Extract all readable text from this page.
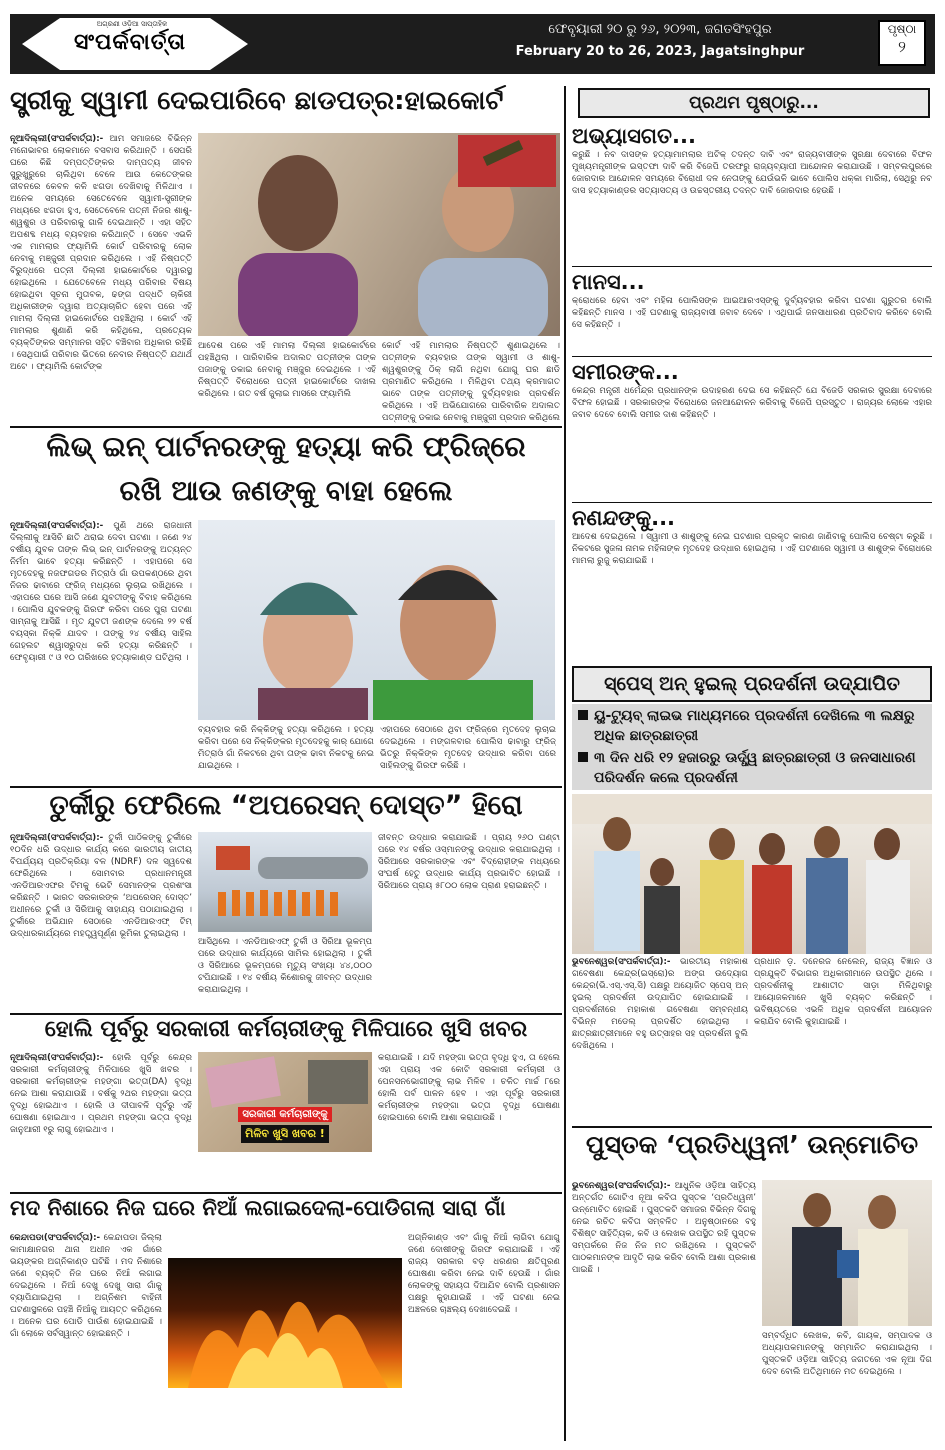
ଅଗ୍ରଣୀ ଓଡ଼ିଆ ସାପ୍ତାହିକ
ସଂପର୍କବାର୍ତ୍ତା
ଫେବୃୟାରୀ ୨୦ ରୁ ୨୬, ୨୦୨୩, ଜଗତସିଂହପୁର
February 20 to 26, 2023, Jagatsinghpur
ପୃଷ୍ଠା
୨
ସ୍ତ୍ରୀକୁ ସ୍ୱାମୀ ଦେଇପାରିବେ ଛାଡପତ୍ର:ହାଇକୋର୍ଟ
ନୂଆଦିଲ୍ଲୀ(ସଂପର୍କବାର୍ତ୍ତା):- ଆମ ସମାଜରେ ବିଭିନ୍ନ ମନୋଭାବର ଲୋକମାନେ ବସବାସ କରିଥାନ୍ତି । ସେପରି ଘରେ କିଛି ଦମ୍ପତ୍ତିଙ୍କର ଦାମ୍ପତ୍ୟ ଜୀବନ ସୁରୁଖୁରୁରେ ଚାଲିଥିବା ବେଳେ ଆଉ କେତେଙ୍କର ଜୀବନରେ କେବଳ କଳି ଝଗଡା ଦେଖିବାକୁ ମିଳିଥାଏ । ଅନେକ ସମୟରେ ସେତେବେଳେ ସ୍ୱାମୀ-ସ୍ତ୍ରୀଙ୍କ ମଧ୍ୟରେ ଝଗଡା ହୁଏ, ସେତେବେଳେ ପତ୍ନୀ ନିଜର ଶାଶୁ-ଶ୍ୱଶୁର ଓ ପରିବାରକୁ ଗାଳି ଦେଇଥାନ୍ତି । ଏହା ସହିତ ଅପଶବ୍ଦ ମଧ୍ୟ ବ୍ୟବହାର କରିଥାନ୍ତି । ସେବେ ଏଭଳି ଏକ ମାମଲାର ଫ୍ୟାମିଲି କୋର୍ଟ ପରିବାରକୁ ଲୋକ ନେବାକୁ ମଞ୍ଜୁରୀ ପ୍ରଦାନ କରିଥିଲେ । ଏହି ନିଷ୍ପତ୍ତି ବିରୁଦ୍ଧରେ ପତ୍ନୀ ଦିଲ୍ଲୀ ହାଇକୋର୍ଟରେ ଦ୍ୱାରସ୍ଥ ହୋଇଥିଲେ । ଯେତେବେଳେ ମଧ୍ୟ ପରିବାର ବିଷୟ ହୋଇଥିବା ସୂଚନା ମୁତାବକ, ଢଙ୍ଗ ପଦ୍ଧତି ଚାକିରୀ ଅଧିକାରୀଙ୍କ ଦ୍ୱାରା ଅତ୍ୟାଚାରିତ ହେବା ପରେ ଏହି ମାମଲା ଦିଲ୍ଲୀ ହାଇକୋର୍ଟରେ ପହଞ୍ଚିଥିଲା । କୋର୍ଟ ଏହି ମାମଲାର ଶୁଣାଣି କରି କହିଥିଲେ, ପ୍ରତ୍ୟେକ ବ୍ୟକ୍ତିଙ୍କର ସମ୍ମାନର ସହିତ ବଞ୍ଚିବାର ଅଧିକାର ରହିଛି । ସେଥିପାଇଁ ପରିବାର ଭିତରେ ନେବାର ନିଷ୍ପତ୍ତି ଯଥାର୍ଥ ଅଟେ । ଫ୍ୟାମିଲି କୋର୍ଟଙ୍କ
ଆଦେଶ ପରେ ଏହି ମାମଲା ଦିଲ୍ଲୀ ହାଇକୋର୍ଟରେ ପହଞ୍ଚିଥିଲା । ପାରିବାରିକ ଅଦାଲତ ପତ୍ନୀଙ୍କ ତାଙ୍କ ପଜାଙ୍କୁ ଡକାଇ ନେବାକୁ ମଞ୍ଜୁର ଦେଇଥିଲେ । ଏହି ନିଷ୍ପତ୍ତି ବିରୋଧରେ ପତ୍ନୀ ହାଇକୋର୍ଟରେ ଦାଖଲ କରିଥିଲେ । ଗତ ବର୍ଷ ଜୁଲାଇ ମାସରେ ଫ୍ୟାମିଲି
କୋର୍ଟ ଏହି ମାମଲାର ନିଷ୍ପତ୍ତି ଶୁଣାଇଥିଲେ । ପତ୍ନୀଙ୍କ ବ୍ୟବହାର ତାଙ୍କ ସ୍ୱାମୀ ଓ ଶାଶୁ-ଶ୍ୱଶୁରଙ୍କୁ ଠିକ୍ ଲାଗି ନଥିବା ଯୋଗୁ ଘର ଛାଡି ପ୍ରମାଣିତ କରିଥିଲେ । ମିଳିଥିବା ତଥ୍ୟ କ୍ରମାଗତ ଭାବେ ତାଙ୍କ ପତ୍ନୀଙ୍କୁ ଦୁର୍ବ୍ୟବହାର ପ୍ରଦର୍ଶନ କରିଥିଲେ । ଏହି ଅଭିଯୋଗରେ ପାରିବାରିକ ଅଦାଲତ ପତ୍ନୀଙ୍କୁ ଡକାଇ ନେବାକୁ ମଞ୍ଜୁରୀ ପ୍ରଦାନ କରିଥିଲେ
ଲିଭ୍ ଇନ୍ ପାର୍ଟନରଙ୍କୁ ହତ୍ୟା କରି ଫ୍ରିଜ୍‌ରେ
ରଖି ଆଉ ଜଣଙ୍କୁ ବାହା ହେଲେ
ନୂଆଦିଲ୍ଲୀ(ସଂପର୍କବାର୍ତ୍ତା):- ପୁଣି ଥରେ ରାଜଧାନୀ ଦିଲ୍ଲୀକୁ ଆସିଚି ଛାତି ଥରାଇ ଦେବା ଘଟଣା । ଜଣେ ୨୪ ବର୍ଷୀୟ ଯୁବକ ତାଙ୍କ ଲିଭ୍ ଇନ୍ ପାର୍ଟନରଙ୍କୁ ଅତ୍ୟନ୍ତ ନିର୍ମମ ଭାବେ ହତ୍ୟା କରିଛନ୍ତି । ଏହାପରେ ସେ ମୃତଦେହକୁ ନଜଫଗଡର ମିତ୍ରାଓଁ ଗାଁ ଉପକଣ୍ଠରେ ଥିବା ନିଜର ଢାବାରେ ଫ୍ରିଜ୍ ମଧ୍ୟରେ ଲୁଚାଇ ରଖିଥିଲେ । ଏହାପରେ ଘରେ ଆସି ଜଣେ ଯୁବତୀଙ୍କୁ ବିବାହ କରିଥିଲେ । ପୋଲିସ ଯୁବକଙ୍କୁ ଗିରଫ କରିବା ପରେ ପୁରା ଘଟଣା ସାମ୍ନାକୁ ଆସିଛି । ମୃତ ଯୁବତୀ ଜଣଙ୍କ ଦେଲେ ୨୨ ବର୍ଷ ବୟସ୍କା ନିକ୍କି ଯାଦବ । ତାଙ୍କୁ ୨୪ ବର୍ଷୀୟ ସାହିଲ ଗେହଲଟ ଶ୍ୱାସରୁଦ୍ଧ କରି ହତ୍ୟା କରିଛନ୍ତି । ଫେବୃୟାରୀ ୯ ଓ ୧୦ ତାରିଖରେ ହତ୍ୟାକାଣ୍ଡ ଘଟିଥିଲା ।
ବ୍ୟବହାର କରି ନିକ୍କିଙ୍କୁ ହତ୍ୟା କରିଥିଲେ । ହତ୍ୟା କରିବା ପରେ ସେ ନିକ୍କିଙ୍କର ମୃତଦେହକୁ କାର୍ ଯୋଗେ ମିତ୍ରାଓଁ ଗାଁ ନିକଟରେ ଥିବା ତାଙ୍କ ଢାବା ନିକଟକୁ ନେଇ ଯାଇଥିଲେ ।
ଏହାପରେ ସେଠାରେ ଥିବା ଫ୍ରିଜ୍‌ରେ ମୃତଦେହ ଲୁଚାଇ ଦେଇଥିଲେ । ମଙ୍ଗଳବାର ପୋଲିସ ଢାବାରୁ ଫ୍ରିଜ୍ ଭିତରୁ ନିକ୍କିଙ୍କ ମୃତଦେହ ଉଦ୍ଧାର କରିବା ପରେ ସାହିଲଙ୍କୁ ଗିରଫ କରିଛି ।
ତୁର୍କୀରୁ ଫେରିଲେ “ଅପରେସନ୍ ଦୋସ୍ତ” ହିରୋ
ନୂଆଦିଲ୍ଲୀ(ସଂପର୍କବାର୍ତ୍ତା):- ତୁର୍କୀ ପାଠିକଙ୍କୁ ତୁର୍କୀରେ ୧୦ଦିନ ଧରି ଉଦ୍ଧାର କାର୍ଯ୍ୟ କରେ ଭାରତୀୟ ଜାତୀୟ ବିପର୍ଯ୍ୟୟ ପ୍ରତିକ୍ରିୟା ବଳ (NDRF) ଦଳ ସ୍ୱଦେଶ ଫେରିଥିଲେ । ସୋମବାର ପ୍ରଧାନମନ୍ତ୍ରୀ ଏନଡିଆରଏଫର ଟିମକୁ ଭେଟି ସେମାନଙ୍କ ପ୍ରଶଂସା କରିଛନ୍ତି । ଭାରତ ସରକାରଙ୍କ ‘ଅପରେସନ୍ ଦୋସ୍ତ’ ଅଧୀନରେ ତୁର୍କୀ ଓ ସିରିଆକୁ ସାହାଯ୍ୟ ପଠାଯାଇଥିଲା । ତୁର୍କୀରେ ଅଭିଯାନ ସେଠାରେ ଏନଡିଆରଏଫ୍ ଟିମ୍ ଉଦ୍ଧାରକାର୍ଯ୍ୟରେ ମହତ୍ତ୍ୱପୂର୍ଣ୍ଣ ଭୂମିକା ତୁଲାଇଥିଲା ।
ଆସିଥିଲେ । ଏନଡିଆରଏଫ୍ ତୁର୍କୀ ଓ ସିରିଆ ଭୂକମ୍ପ ପରେ ଉଦ୍ଧାର କାର୍ଯ୍ୟରେ ସାମିଲ ହୋଇଥିଲା । ତୁର୍କୀ ଓ ସିରିଆରେ ଭୂକମ୍ପରେ ମୃତ୍ୟୁ ସଂଖ୍ୟା ୪୪,୦୦୦ ଟପିଯାଇଛି । ୧୪ ବର୍ଷୀୟ କିଶୋରକୁ ଜୀବନ୍ତ ଉଦ୍ଧାର କରାଯାଇଥିଲା ।
ଜୀବନ୍ତ ଉଦ୍ଧାର କରାଯାଇଛି । ପ୍ରାୟ ୨୬୦ ଘଣ୍ଟା ପରେ ୧୪ ବର୍ଷର ଓସ୍ମାନଙ୍କୁ ଉଦ୍ଧାର କରାଯାଇଥିଲା । ସିରିଆରେ ସରକାରଙ୍କ ଏବଂ ବିଦ୍ରୋହୀଙ୍କ ମଧ୍ୟରେ ସଂଘର୍ଷ ହେତୁ ଉଦ୍ଧାର କାର୍ଯ୍ୟ ପ୍ରଭାବିତ ହୋଇଛି । ସିରିଆରେ ପ୍ରାୟ ୫୮୦୦ ଲୋକ ପ୍ରାଣ ହରାଇଛନ୍ତି ।
ହୋଲି ପୂର୍ବରୁ ସରକାରୀ କର୍ମଚାରୀଙ୍କୁ ମିଳିପାରେ ଖୁସି ଖବର
ସରକାରୀ କର୍ମଚାରୀଙ୍କୁ
ମିଳିବ ଖୁସି ଖବର !
ନୂଆଦିଲ୍ଲୀ(ସଂପର୍କବାର୍ତ୍ତା):- ହୋଲି ପୂର୍ବରୁ କେନ୍ଦ୍ର ସରକାରୀ କର୍ମଚାରୀଙ୍କୁ ମିଳିପାରେ ଖୁସି ଖବର । ସରକାରୀ କର୍ମଚାରୀଙ୍କ ମହଙ୍ଗା ଭତ୍ତା(DA) ବୃଦ୍ଧି ନେଇ ଆଶା କରାଯାଉଛି । ବର୍ଷକୁ ୨ଥର ମହଙ୍ଗା ଭତ୍ତା ବୃଦ୍ଧି ହୋଇଥାଏ । ହୋଲି ଓ ଦୀପାବଳି ପୂର୍ବରୁ ଏହି ଘୋଷଣା ହୋଇଥାଏ । ପ୍ରଥମ ମହଙ୍ଗା ଭତ୍ତା ବୃଦ୍ଧି ଜାନୁଆରୀ ୧ରୁ ଲାଗୁ ହୋଇଥାଏ ।
କରାଯାଇଛି । ଯଦି ମହଙ୍ଗା ଭତ୍ତା ବୃଦ୍ଧି ହୁଏ, ତା ହେଲେ ଏହା ପ୍ରାୟ ଏକ କୋଟି ସରକାରୀ କର୍ମଚାରୀ ଓ ପେନସନଭୋଗୀଙ୍କୁ ଲାଭ ମିଳିବ । ଚଳିତ ମାର୍ଚ୍ଚ ୮ରେ ହୋଲି ପର୍ବ ପାଳନ ହେବ । ଏହା ପୂର୍ବରୁ ସରକାରୀ କର୍ମଚାରୀଙ୍କ ମହଙ୍ଗା ଭତ୍ତା ବୃଦ୍ଧି ଘୋଷଣା ହୋଇପାରେ ବୋଲି ଆଶା କରାଯାଉଛି ।
ମଦ ନିଶାରେ ନିଜ ଘରେ ନିଆଁ ଲଗାଇଦେଲା-ପୋଡିଗଲା ସାରା ଗାଁ
କେନ୍ଦାପଡା(ସଂପର୍କବାର୍ତ୍ତା):- କେନ୍ଦାପଡା ଜିଲ୍ଲା କାମାକ୍ଷାନଗର ଥାନା ଅଧୀନ ଏକ ଗାଁରେ ଭୟଙ୍କର ଅଗ୍ନିକାଣ୍ଡ ଘଟିଛି । ମଦ ନିଶାରେ ଜଣେ ବ୍ୟକ୍ତି ନିଜ ଘରେ ନିଆଁ ଲଗାଇ ଦେଇଥିଲେ । ନିଆଁ ଦେଖୁ ଦେଖୁ ସାରା ଗାଁକୁ ବ୍ୟାପିଯାଇଥିଲା । ଅଗ୍ନିଶମ ବାହିନୀ ଘଟଣାସ୍ଥଳରେ ପହଞ୍ଚି ନିଆଁକୁ ଆୟତ୍ତ କରିଥିଲେ । ଅନେକ ଘର ପୋଡି ପାଉଁଶ ହୋଇଯାଇଛି । ଗାଁ ଲୋକେ ସର୍ବସ୍ୱାନ୍ତ ହୋଇଛନ୍ତି ।
ଅଗ୍ନିକାଣ୍ଡ ଏବଂ ଗାଁକୁ ନିଆଁ ଲାଗିବା ଯୋଗୁ ଜଣେ ଦୋଷୀଙ୍କୁ ଗିରଫ କରାଯାଇଛି । ଏହି ରାଜ୍ୟ ସରକାର ବଡ଼ ଧରଣର କ୍ଷତିପୂରଣ ଘୋଷଣା କରିବା ନେଇ ଦାବି ହେଉଛି । ଗାଁର ଲୋକଙ୍କୁ ସହାୟତା ଦିଆଯିବ ବୋଲି ପ୍ରଶାସନ ପକ୍ଷରୁ କୁହାଯାଇଛି । ଏହି ଘଟଣା ନେଇ ଅଞ୍ଚଳରେ ଚାଞ୍ଚଲ୍ୟ ଦେଖାଦେଇଛି ।
ପ୍ରଥମ ପୃଷ୍ଠାରୁ...
ଅଭ୍ୟାସଗତ...
କରୁଛି । ନବ ଦାସଙ୍କ ହତ୍ୟାମାମଲାର ଅଟିକ୍ ତଦନ୍ତ ଦାବି ଏବଂ ରାଜ୍ୟବାସୀଙ୍କ ସୁରକ୍ଷା ଦେବାରେ ବିଫଳ ମୁଖ୍ୟମନ୍ତ୍ରୀଙ୍କ ଇସ୍ତଫା ଦାବି କରି ବିଜେପି ତରଫରୁ ରାଜ୍ୟବ୍ୟାପୀ ଆନ୍ଦୋଳନ କରାଯାଉଛି । ସମ୍ବଲପୁରରେ ଜୋରଦାର ଆନ୍ଦୋଳନ ସମୟରେ ବିରୋଧୀ ଦଳ ନେତାଙ୍କୁ ଯେଉଁଭଳି ଭାବେ ପୋଲିସ ଧକ୍କା ମାରିଲା, ସେଥିରୁ ନବ ଦାସ ହତ୍ୟାକାଣ୍ଡର ସତ୍ୟାସତ୍ୟ ଓ ଉଚ୍ଚସ୍ତରୀୟ ତଦନ୍ତ ଦାବି ଜୋରଦାର ହେଉଛି ।
ମାନସ...
କ୍ରୋଧରେ ହେବା ଏବଂ ମହିଳା ପୋଲିସଙ୍କ ଆଇଆରଏସ୍‌ଙ୍କୁ ଦୁର୍ବ୍ୟବହାର କରିବା ଘଟଣା ଗୁରୁତର ବୋଲି କହିଛନ୍ତି ମାନସ । ଏହି ଘଟଣାକୁ ରାଜ୍ୟବାସୀ ଜବାବ ଦେବେ । ଏଥିପାଇଁ ଜନସାଧାରଣ ପ୍ରତିବାଦ କରିବେ ବୋଲି ସେ କହିଛନ୍ତି ।
ସମୀରଙ୍କ...
କେନ୍ଦ୍ର ମନ୍ତ୍ରୀ ଧର୍ମେନ୍ଦ୍ର ପ୍ରଧାନଙ୍କ ଉଦାହରଣ ଦେଇ ସେ କହିଛନ୍ତି ଯେ ବିଜେଡି ସରକାର ସୁରକ୍ଷା ଦେବାରେ ବିଫଳ ହୋଇଛି । ସରକାରଙ୍କ ବିରୋଧରେ ଜନଆନ୍ଦୋଳନ କରିବାକୁ ବିଜେପି ପ୍ରସ୍ତୁତ । ରାଜ୍ୟର ଲୋକେ ଏହାର ଜବାବ ଦେବେ ବୋଲି ସମୀର ଦାଶ କହିଛନ୍ତି ।
ନଣନ୍ଦଙ୍କୁ...
ଆଦେଶ ଦେଇଥିଲେ । ସ୍ୱାମୀ ଓ ଶାଶୁଙ୍କୁ ନେଇ ଘଟଣାର ପ୍ରକୃତ କାରଣ ଜାଣିବାକୁ ପୋଲିସ ଚେଷ୍ଟା କରୁଛି । ନିକଟରେ ସୁଜଳା ନାମକ ମହିଳାଙ୍କ ମୃତଦେହ ଉଦ୍ଧାର ହୋଇଥିଲା । ଏହି ଘଟଣାରେ ସ୍ୱାମୀ ଓ ଶାଶୁଙ୍କ ବିରୋଧରେ ମାମଲା ରୁଜୁ କରାଯାଇଛି ।
ସ୍ପେସ୍ ଅନ୍ ହୁଇଲ୍ ପ୍ରଦର୍ଶନୀ ଉଦ୍‌ଯାପିତ
ୟୁ-ଟ୍ୟୁବ୍ ଲାଇଭ ମାଧ୍ୟମରେ ପ୍ରଦର୍ଶନୀ ଦେଖିଲେ ୩ ଲକ୍ଷରୁ ଅଧିକ ଛାତ୍ରଛାତ୍ରୀ
୩ ଦିନ ଧରି ୧୨ ହଜାରରୁ ଊର୍ଦ୍ଧ୍ୱ ଛାତ୍ରଛାତ୍ରୀ ଓ ଜନସାଧାରଣ ପରିଦର୍ଶନ କଲେ ପ୍ରଦର୍ଶନୀ
ଭୁବନେଶ୍ୱର(ସଂପର୍କବାର୍ତ୍ତା):- ଭାରତୀୟ ମହାକାଶ ଗବେଷଣା କେନ୍ଦ୍ର(ଇସ୍ରୋ)ର ଅଙ୍ଗ ଉଦ୍ୟୋଗ କେନ୍ଦ୍ର(ଭି.ଏସ୍.ଏସ୍.ସି) ପକ୍ଷରୁ ଅୟୋଜିତ ସ୍ପେସ୍ ଅନ୍ ହୁଇଲ୍ ପ୍ରଦର୍ଶନୀ ଉଦ୍‌ଯାପିତ ହୋଇଯାଇଛି । ପ୍ରଦର୍ଶନୀରେ ମହାକାଶ ଗବେଷଣା ସମ୍ବନ୍ଧୀୟ ବିଭିନ୍ନ ମଡେଲ୍ ପ୍ରଦର୍ଶିତ ହୋଇଥିଲା । ଛାତ୍ରଛାତ୍ରୀମାନେ ବହୁ ଉତ୍ସାହର ସହ ପ୍ରଦର୍ଶନୀ ବୁଲି ଦେଖିଥିଲେ ।
ପ୍ରଧାନ ଡ଼. ଦନେରଜ ନେଲେନ୍, ରାଜ୍ୟ ବିଜ୍ଞାନ ଓ ପ୍ରଯୁକ୍ତି ବିଭାଗର ଅଧିକାରୀମାନେ ଉପସ୍ଥିତ ଥିଲେ । ପ୍ରଦର୍ଶନୀକୁ ଆଶାତୀତ ସାଡ଼ା ମିଳିଥିବାରୁ ଆୟୋଜକମାନେ ଖୁସି ବ୍ୟକ୍ତ କରିଛନ୍ତି । ଭବିଷ୍ୟତରେ ଏଭଳି ଅଧିକ ପ୍ରଦର୍ଶନୀ ଆୟୋଜନ କରାଯିବ ବୋଲି କୁହାଯାଇଛି ।
ପୁସ୍ତକ ‘ପ୍ରତିଧ୍ୱନୀ’ ଉନ୍ମୋଚିତ
ଭୁବନେଶ୍ୱର(ସଂପର୍କବାର୍ତ୍ତା):- ଆଧୁନିକ ଓଡ଼ିଆ ସାହିତ୍ୟ ଅନ୍ତର୍ଗତ ଗୋଟିଏ ନୂଆ କବିତା ପୁସ୍ତକ ‘ପ୍ରତିଧ୍ୱନୀ’ ଉନ୍ମୋଚିତ ହୋଇଛି । ପୁସ୍ତକଟି ସମାଜର ବିଭିନ୍ନ ଦିଗକୁ ନେଇ ରଚିତ କବିତା ସମ୍ବଳିତ । ଅନୁଷ୍ଠାନରେ ବହୁ ବିଶିଷ୍ଟ ସାହିତ୍ୟିକ, କବି ଓ ଲେଖକ ଉପସ୍ଥିତ ରହି ପୁସ୍ତକ ସମ୍ପର୍କରେ ନିଜ ନିଜ ମତ ରଖିଥିଲେ । ପୁସ୍ତକଟି ପାଠକମାନଙ୍କ ଆଦୃତି ଲାଭ କରିବ ବୋଲି ଆଶା ପ୍ରକାଶ ପାଇଛି ।
ସମ୍ବର୍ଦ୍ଧିତ ଲେଖକ, କବି, ଗାୟକ, ସମ୍ପାଦକ ଓ ଅଧ୍ୟାପକମାନଙ୍କୁ ସମ୍ମାନିତ କରାଯାଇଥିଲା । ପୁସ୍ତକଟି ଓଡ଼ିଆ ସାହିତ୍ୟ ଜଗତରେ ଏକ ନୂଆ ଦିଗ ଦେବ ବୋଲି ଅତିଥିମାନେ ମତ ଦେଇଥିଲେ ।
